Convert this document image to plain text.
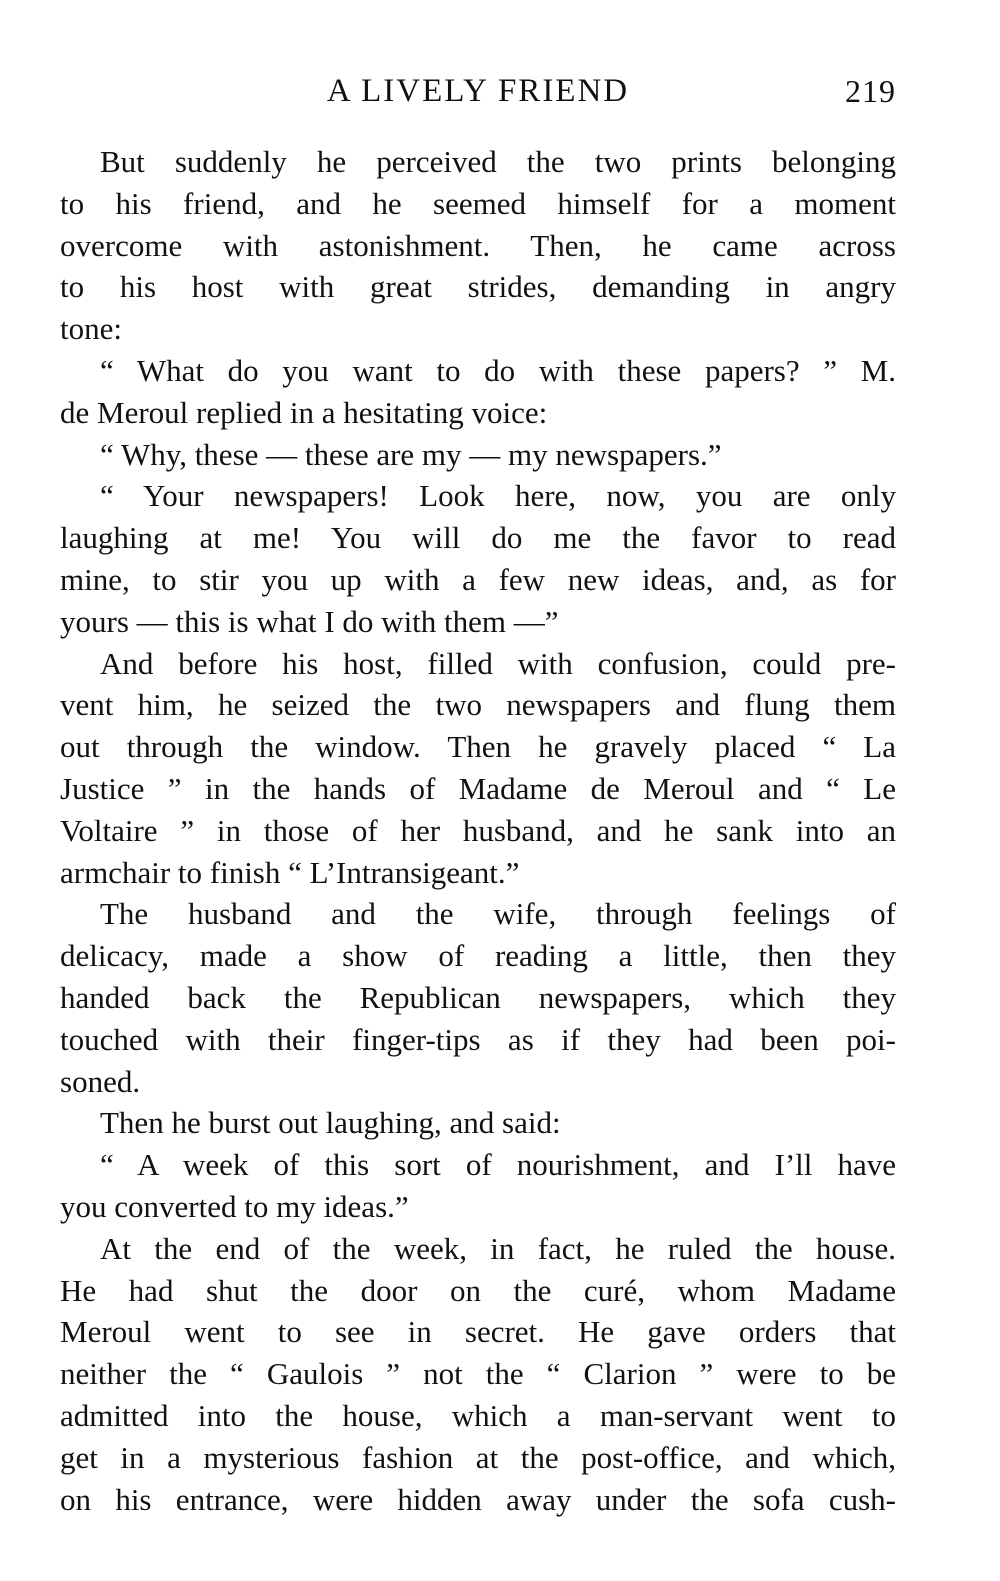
A LIVELY FRIEND	219
But suddenly he perceived the two prints belonging
to his friend, and he seemed himself for a moment
overcome with astonishment. Then, he came across
to his host with great strides, demanding in angry
tone:
“ What do you want to do with these papers? ” M.
de Meroul replied in a hesitating voice:
“ Why, these — these are my — my newspapers.”
“ Your newspapers! Look here, now, you are only
laughing at me! You will do me the favor to read
mine, to stir you up with a few new ideas, and, as for
yours — this is what I do with them —”
And before his host, filled with confusion, could pre-
vent him, he seized the two newspapers and flung them
out through the window. Then he gravely placed “ La
Justice ” in the hands of Madame de Meroul and “ Le
Voltaire ” in those of her husband, and he sank into an
armchair to finish “ L’Intransigeant.”
The husband and the wife, through feelings of
delicacy, made a show of reading a little, then they
handed back the Republican newspapers, which they
touched with their finger-tips as if they had been poi-
soned.
Then he burst out laughing, and said:
“ A week of this sort of nourishment, and I’ll have
you converted to my ideas.”
At the end of the week, in fact, he ruled the house.
He had shut the door on the curé, whom Madame
Meroul went to see in secret. He gave orders that
neither the “ Gaulois ” not the “ Clarion ” were to be
admitted into the house, which a man-servant went to
get in a mysterious fashion at the post-office, and which,
on his entrance, were hidden away under the sofa cush-
